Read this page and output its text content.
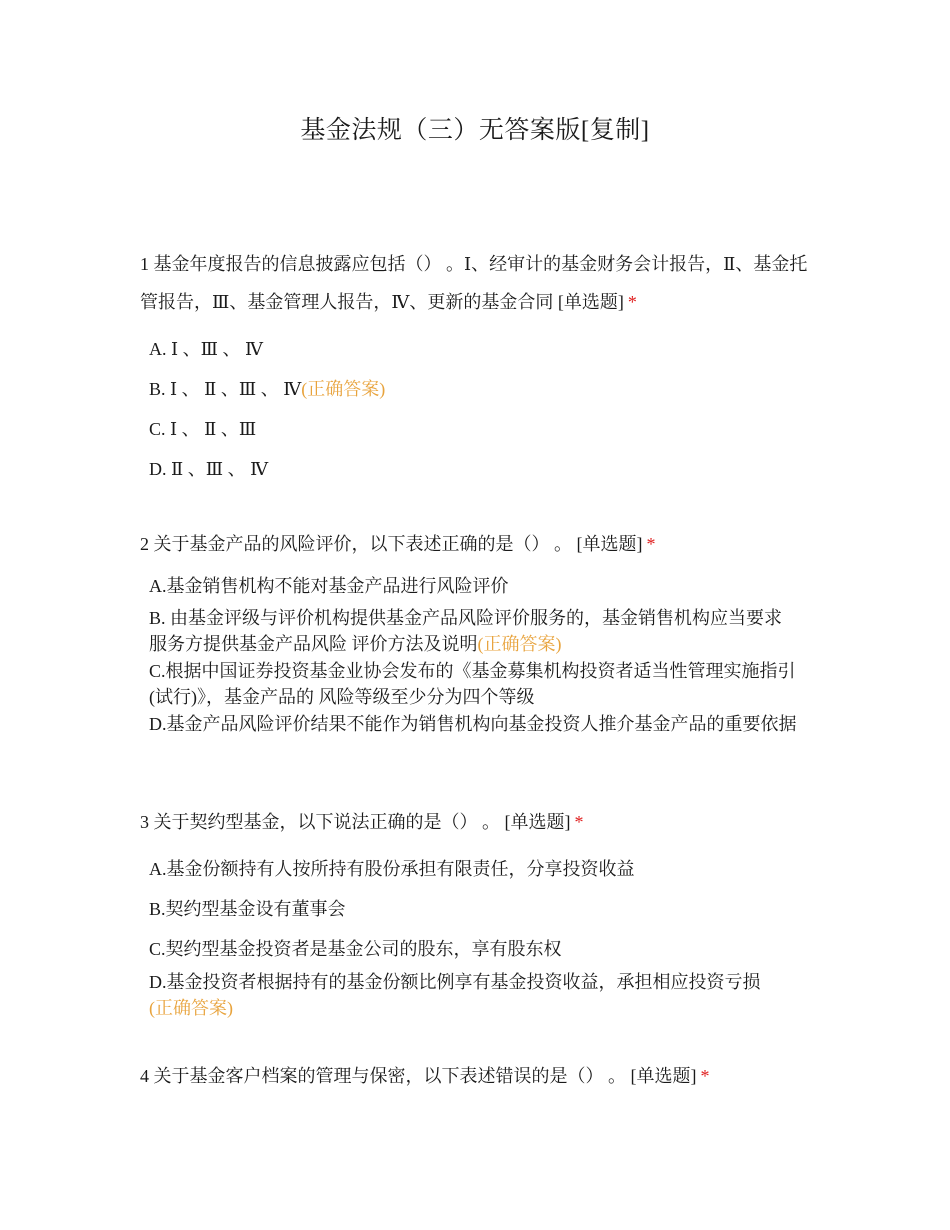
基金法规（三）无答案版[复制]

1 基金年度报告的信息披露应包括（） 。Ⅰ、经审计的基金财务会计报告，Ⅱ、基金托管报告，Ⅲ、基金管理人报告，Ⅳ、更新的基金合同 [单选题] *

A. Ⅰ 、Ⅲ 、 Ⅳ
B. Ⅰ 、 Ⅱ 、Ⅲ 、 Ⅳ(正确答案)
C. Ⅰ 、 Ⅱ 、Ⅲ
D. Ⅱ 、Ⅲ 、 Ⅳ

2 关于基金产品的风险评价，以下表述正确的是（） 。 [单选题] *

A.基金销售机构不能对基金产品进行风险评价
B. 由基金评级与评价机构提供基金产品风险评价服务的，基金销售机构应当要求服务方提供基金产品风险 评价方法及说明(正确答案)
C.根据中国证券投资基金业协会发布的《基金募集机构投资者适当性管理实施指引(试行)》，基金产品的 风险等级至少分为四个等级
D.基金产品风险评价结果不能作为销售机构向基金投资人推介基金产品的重要依据

3 关于契约型基金，以下说法正确的是（） 。 [单选题] *

A.基金份额持有人按所持有股份承担有限责任，分享投资收益
B.契约型基金设有董事会
C.契约型基金投资者是基金公司的股东，享有股东权
D.基金投资者根据持有的基金份额比例享有基金投资收益，承担相应投资亏损
(正确答案)

4 关于基金客户档案的管理与保密，以下表述错误的是（） 。 [单选题] *
